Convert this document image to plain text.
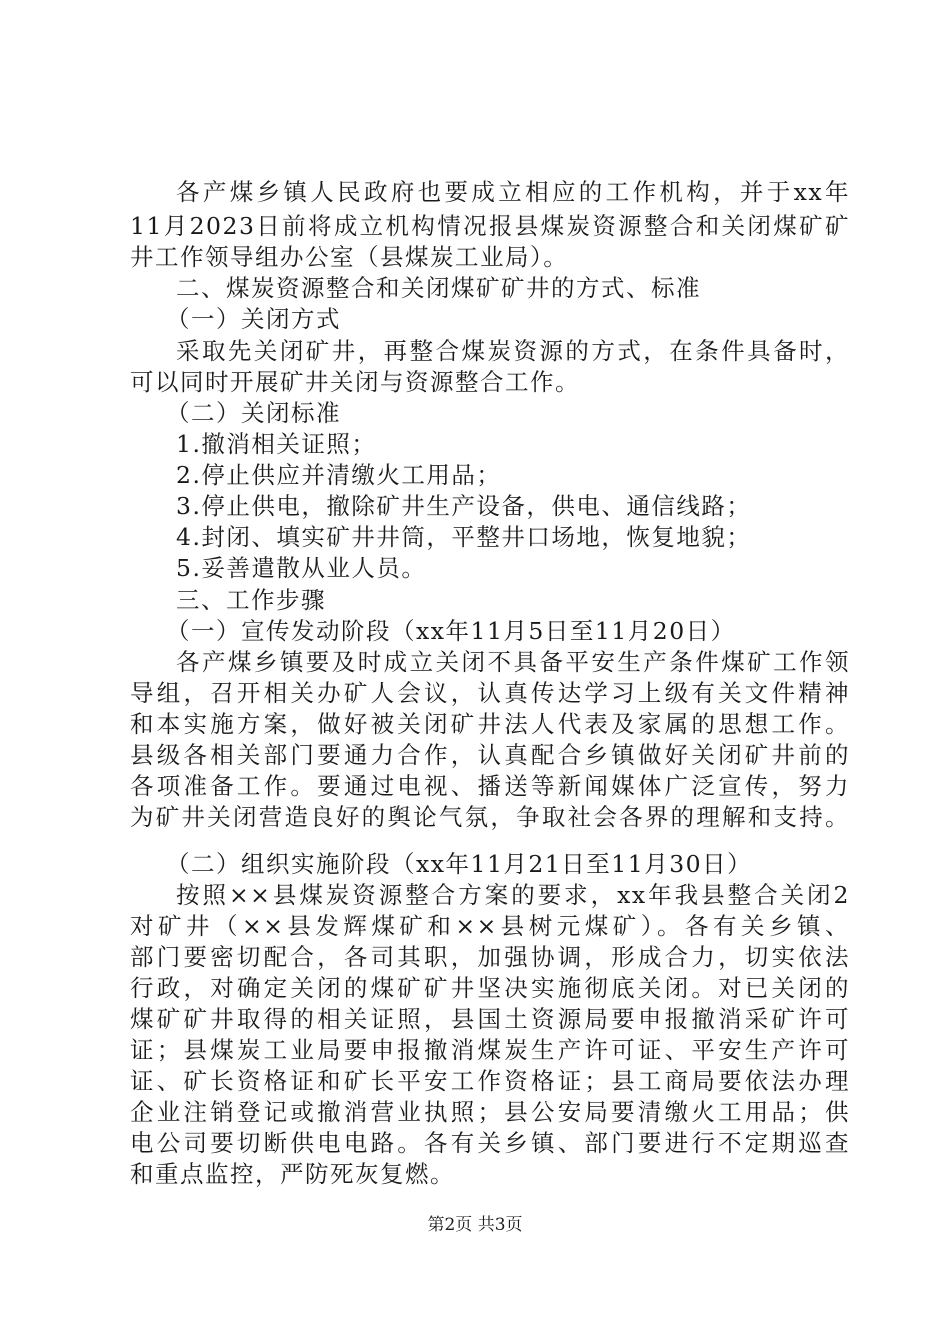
各产煤乡镇人民政府也要成立相应的工作机构，并于xx年
11月2023日前将成立机构情况报县煤炭资源整合和关闭煤矿矿
井工作领导组办公室（县煤炭工业局）。
二、煤炭资源整合和关闭煤矿矿井的方式、标准
（一）关闭方式
采取先关闭矿井，再整合煤炭资源的方式，在条件具备时，
可以同时开展矿井关闭与资源整合工作。
（二）关闭标准
1.撤消相关证照；
2.停止供应并清缴火工用品；
3.停止供电，撤除矿井生产设备，供电、通信线路；
4.封闭、填实矿井井筒，平整井口场地，恢复地貌；
5.妥善遣散从业人员。
三、工作步骤
（一）宣传发动阶段（xx年11月5日至11月20日）
各产煤乡镇要及时成立关闭不具备平安生产条件煤矿工作领
导组，召开相关办矿人会议，认真传达学习上级有关文件精神
和本实施方案，做好被关闭矿井法人代表及家属的思想工作。
县级各相关部门要通力合作，认真配合乡镇做好关闭矿井前的
各项准备工作。要通过电视、播送等新闻媒体广泛宣传，努力
为矿井关闭营造良好的舆论气氛，争取社会各界的理解和支持。
（二）组织实施阶段（xx年11月21日至11月30日）
按照××县煤炭资源整合方案的要求，xx年我县整合关闭2
对矿井（××县发辉煤矿和××县树元煤矿）。各有关乡镇、
部门要密切配合，各司其职，加强协调，形成合力，切实依法
行政，对确定关闭的煤矿矿井坚决实施彻底关闭。对已关闭的
煤矿矿井取得的相关证照，县国土资源局要申报撤消采矿许可
证；县煤炭工业局要申报撤消煤炭生产许可证、平安生产许可
证、矿长资格证和矿长平安工作资格证；县工商局要依法办理
企业注销登记或撤消营业执照；县公安局要清缴火工用品；供
电公司要切断供电电路。各有关乡镇、部门要进行不定期巡查
和重点监控，严防死灰复燃。
第2页 共3页
